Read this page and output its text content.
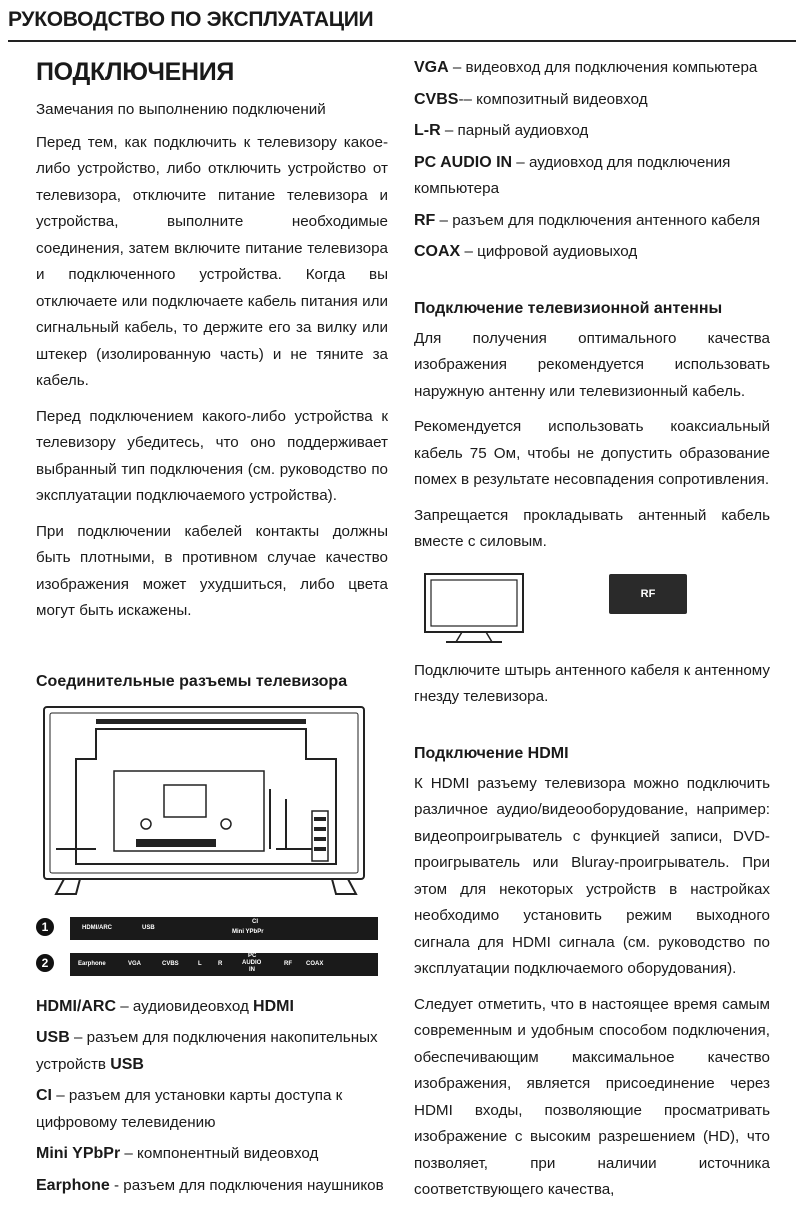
РУКОВОДСТВО ПО ЭКСПЛУАТАЦИИ
ПОДКЛЮЧЕНИЯ

Замечания по выполнению подключений

Перед тем, как подключить к телевизору какое-либо устройство, либо отключить устройство от телевизора, отключите питание телевизора и устройства, выполните необходимые соединения, затем включите питание телевизора и подключенного устройства. Когда вы отключаете или подключаете кабель питания или сигнальный кабель, то держите его за вилку или штекер (изолированную часть) и не тяните за кабель.

Перед подключением какого-либо устройства к телевизору убедитесь, что оно поддерживает выбранный тип подключения (см. руководство по эксплуатации подключаемого устройства).

При подключении кабелей контакты должны быть плотными, в противном случае качество изображения может ухудшиться, либо цвета могут быть искажены.

Соединительные разъемы телевизора
1	HDMI/ARC	USB
CI
Mini YPbPr
2	Earphone	VGA	CVBS	L	R
PC
AUDIO
IN
RF COAX

HDMI/ARC – аудиовидеовход HDMI

USB – разъем для подключения накопительных устройств USB

CI – разъем для установки карты доступа к цифровому телевидению

Mini YPbPr – компонентный видеовход

Earphone - разъем для подключения наушников

VGA – видеовход для подключения компьютера

CVBS-– композитный видеовход

L-R – парный аудиовход

PC AUDIO IN – аудиовход для подключения компьютера

RF – разъем для подключения антенного кабеля

COAX – цифровой аудиовыход

Подключение телевизионной антенны

Для получения оптимального качества изображения рекомендуется использовать наружную антенну или телевизионный кабель.

Рекомендуется использовать коаксиальный кабель 75 Ом, чтобы не допустить образование помех в результате несовпадения сопротивления.

Запрещается прокладывать антенный кабель вместе с силовым.

RF

Подключите штырь антенного кабеля к антенному гнезду телевизора.

Подключение HDMI

К HDMI разъему телевизора можно подключить различное аудио/видеооборудование, например: видеопроигрыватель с функцией записи, DVD-проигрыватель или Bluray-проигрыватель. При этом для некоторых устройств в настройках необходимо установить режим выходного сигнала для HDMI сигнала (см. руководство по эксплуатации подключаемого оборудования).

Следует отметить, что в настоящее время самым современным и удобным способом подключения, обеспечивающим максимальное качество изображения, является присоединение через HDMI входы, позволяющие просматривать изображение с высоким разрешением (HD), что позволяет, при наличии источника соответствующего качества,
